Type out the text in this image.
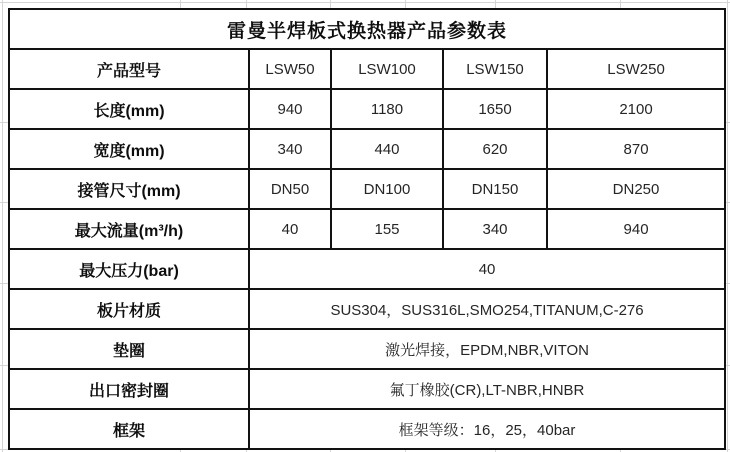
雷曼半焊板式换热器产品参数表				
产品型号	LSW50	LSW100	LSW150	LSW250
长度(mm)	940	1180	1650	2100
宽度(mm)	340	440	620	870
接管尺寸(mm)	DN50	DN100	DN150	DN250
最大流量(m³/h)	40	155	340	940
最大压力(bar)	40			
板片材质	SUS304，SUS316L,SMO254,TITANUM,C-276			
垫圈	激光焊接，EPDM,NBR,VITON			
出口密封圈	氟丁橡胶(CR),LT-NBR,HNBR			
框架	框架等级：16，25，40bar			
